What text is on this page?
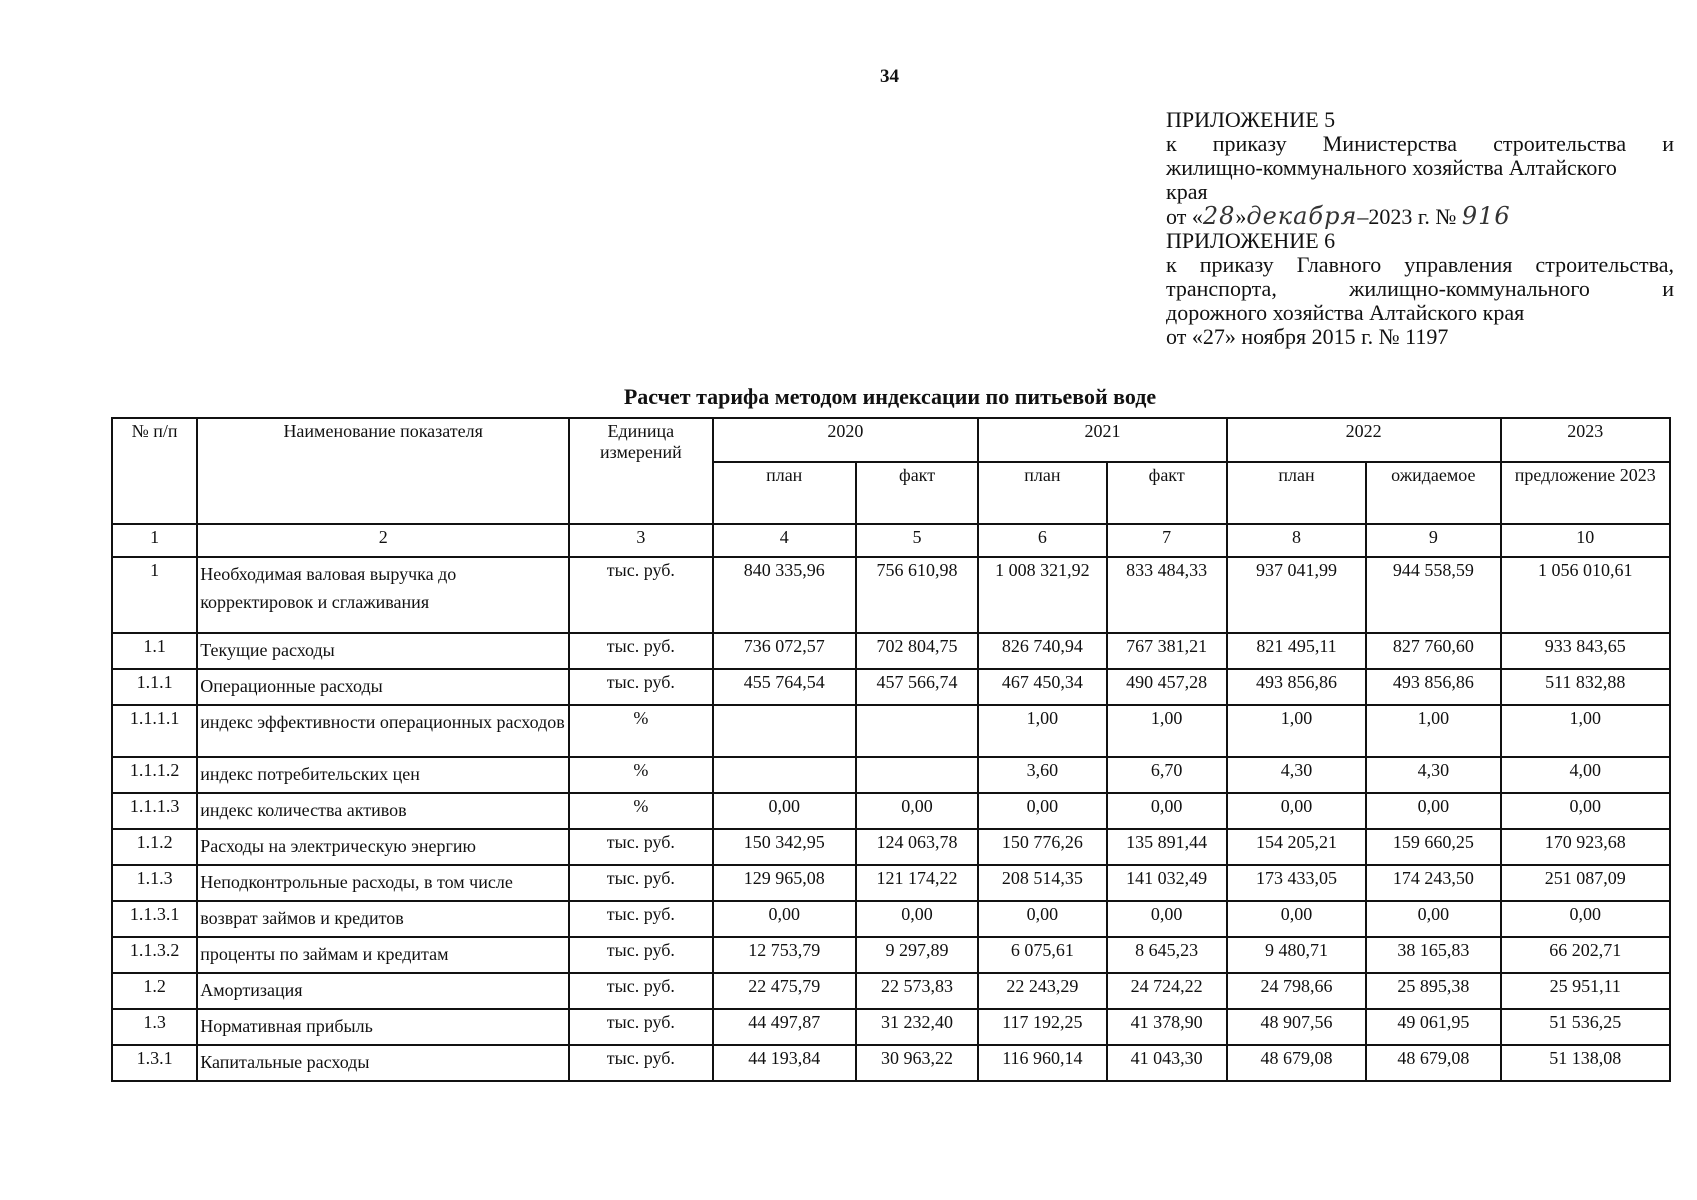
34
ПРИЛОЖЕНИЕ 5
к приказу Министерства строительства и
жилищно-коммунального хозяйства Алтайского
края
от «28»декабря–2023 г. № 916
ПРИЛОЖЕНИЕ 6
к приказу Главного управления строительства,
транспорта, жилищно-коммунального и
дорожного хозяйства Алтайского края
от «27» ноября 2015 г. № 1197
Расчет тарифа методом индексации по питьевой воде
№ п/п	Наименование показателя	Единица измерений	2020		2021		2022		2023
			план	факт	план	факт	план	ожидаемое	предложение 2023
1	2	3	4	5	6	7	8	9	10
1	Необходимая валовая выручка до корректировок и сглаживания	тыс. руб.	840 335,96	756 610,98	1 008 321,92	833 484,33	937 041,99	944 558,59	1 056 010,61
1.1	Текущие расходы	тыс. руб.	736 072,57	702 804,75	826 740,94	767 381,21	821 495,11	827 760,60	933 843,65
1.1.1	Операционные расходы	тыс. руб.	455 764,54	457 566,74	467 450,34	490 457,28	493 856,86	493 856,86	511 832,88
1.1.1.1	индекс эффективности операционных расходов	%			1,00	1,00	1,00	1,00	1,00
1.1.1.2	индекс потребительских цен	%			3,60	6,70	4,30	4,30	4,00
1.1.1.3	индекс количества активов	%	0,00	0,00	0,00	0,00	0,00	0,00	0,00
1.1.2	Расходы на электрическую энергию	тыс. руб.	150 342,95	124 063,78	150 776,26	135 891,44	154 205,21	159 660,25	170 923,68
1.1.3	Неподконтрольные расходы, в том числе	тыс. руб.	129 965,08	121 174,22	208 514,35	141 032,49	173 433,05	174 243,50	251 087,09
1.1.3.1	возврат займов и кредитов	тыс. руб.	0,00	0,00	0,00	0,00	0,00	0,00	0,00
1.1.3.2	проценты по займам и кредитам	тыс. руб.	12 753,79	9 297,89	6 075,61	8 645,23	9 480,71	38 165,83	66 202,71
1.2	Амортизация	тыс. руб.	22 475,79	22 573,83	22 243,29	24 724,22	24 798,66	25 895,38	25 951,11
1.3	Нормативная прибыль	тыс. руб.	44 497,87	31 232,40	117 192,25	41 378,90	48 907,56	49 061,95	51 536,25
1.3.1	Капитальные расходы	тыс. руб.	44 193,84	30 963,22	116 960,14	41 043,30	48 679,08	48 679,08	51 138,08
